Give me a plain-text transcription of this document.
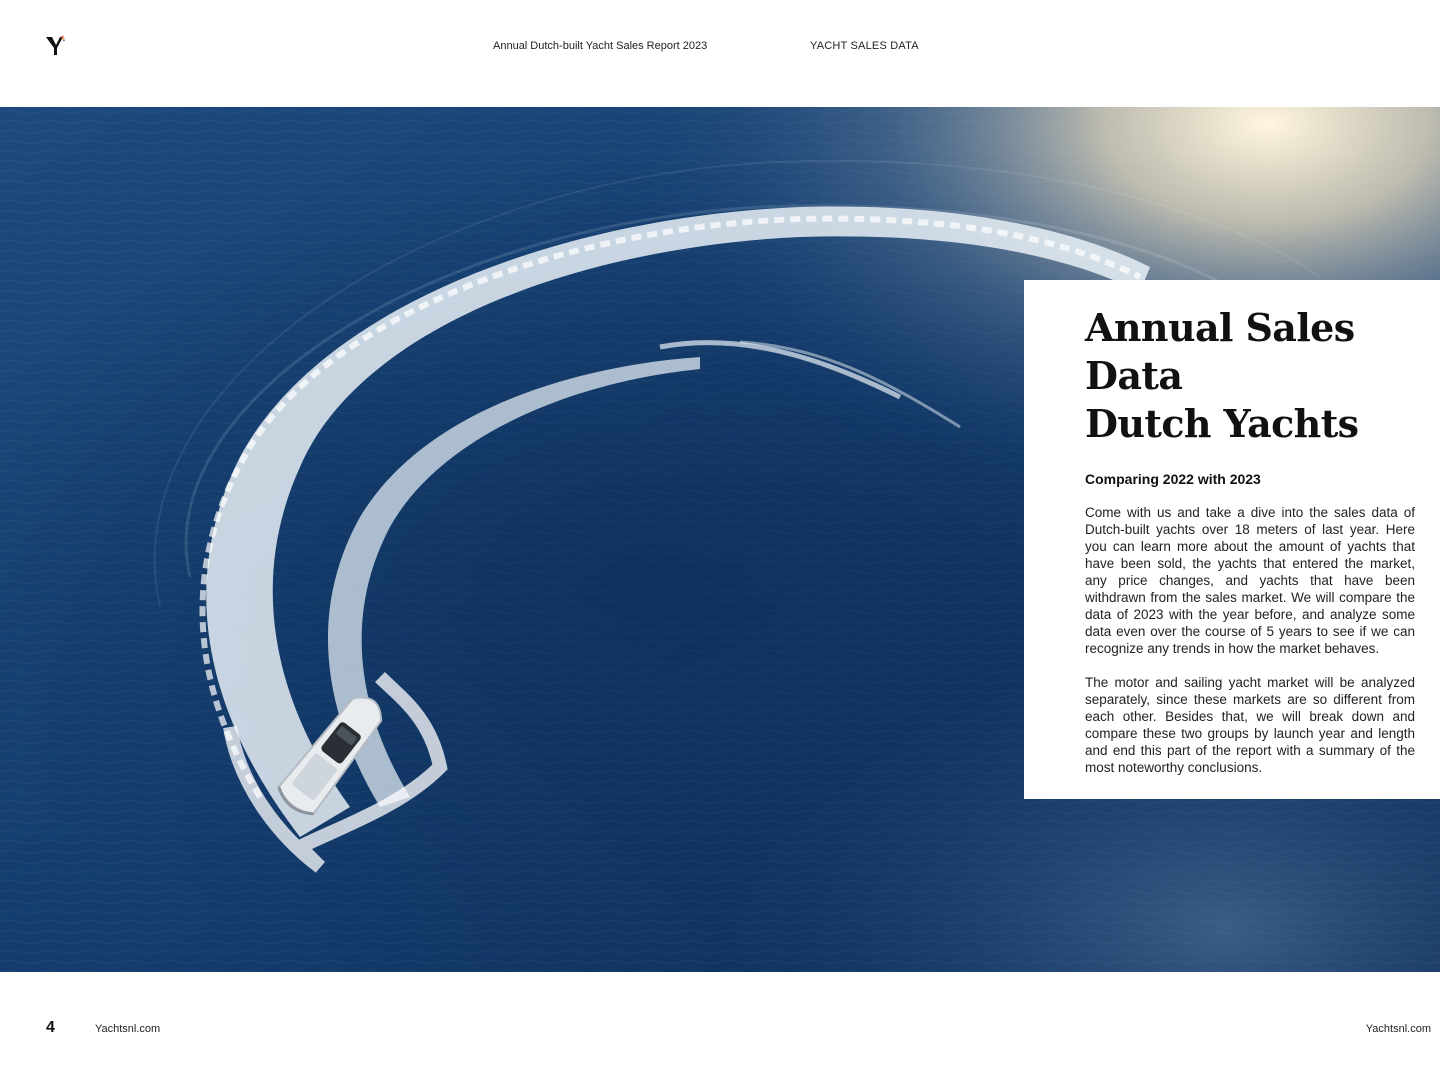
Annual Dutch-built Yacht Sales Report 2023	YACHT SALES DATA
Annual Sales Data
Dutch Yachts

Comparing 2022 with 2023

Come with us and take a dive into the sales data of Dutch-built yachts over 18 meters of last year. Here you can learn more about the amount of yachts that have been sold, the yachts that entered the market, any price changes, and yachts that have been withdrawn from the sales market. We will compare the data of 2023 with the year before, and analyze some data even over the course of 5 years to see if we can recognize any trends in how the market behaves.

The motor and sailing yacht market will be analyzed separately, since these markets are so different from each other. Besides that, we will break down and compare these two groups by launch year and length and end this part of the report with a summary of the most noteworthy conclusions.

4	Yachtsnl.com	Yachtsnl.com
